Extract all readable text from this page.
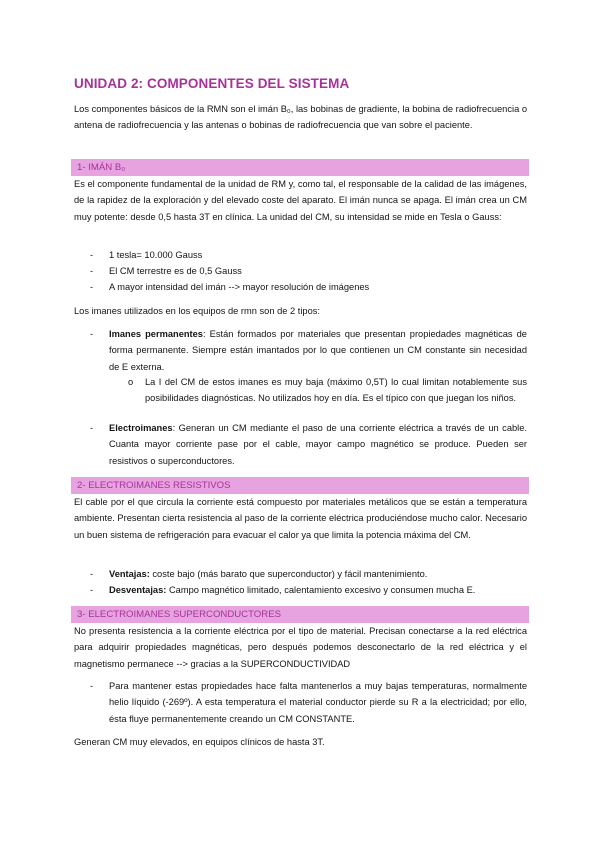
UNIDAD 2: COMPONENTES DEL SISTEMA
Los componentes básicos de la RMN son el imán B₀, las bobinas de gradiente, la bobina de radiofrecuencia o antena de radiofrecuencia y las antenas o bobinas de radiofrecuencia que van sobre el paciente.
1- IMÁN B₀
Es el componente fundamental de la unidad de RM y, como tal, el responsable de la calidad de las imágenes, de la rapidez de la exploración y del elevado coste del aparato. El imán nunca se apaga. El imán crea un CM muy potente: desde 0,5 hasta 3T en clínica. La unidad del CM, su intensidad se mide en Tesla o Gauss:
- 1 tesla= 10.000 Gauss
- El CM terrestre es de 0,5 Gauss
- A mayor intensidad del imán --> mayor resolución de imágenes
Los imanes utilizados en los equipos de rmn son de 2 tipos:
- Imanes permanentes: Están formados por materiales que presentan propiedades magnéticas de forma permanente. Siempre están imantados por lo que contienen un CM constante sin necesidad de E externa.
o La I del CM de estos imanes es muy baja (máximo 0,5T) lo cual limitan notablemente sus posibilidades diagnósticas. No utilizados hoy en día. Es el típico con que juegan los niños.
- Electroimanes: Generan un CM mediante el paso de una corriente eléctrica a través de un cable. Cuanta mayor corriente pase por el cable, mayor campo magnético se produce. Pueden ser resistivos o superconductores.
2- ELECTROIMANES RESISTIVOS
El cable por el que circula la corriente está compuesto por materiales metálicos que se están a temperatura ambiente. Presentan cierta resistencia al paso de la corriente eléctrica produciéndose mucho calor. Necesario un buen sistema de refrigeración para evacuar el calor ya que limita la potencia máxima del CM.
- Ventajas: coste bajo (más barato que superconductor) y fácil mantenimiento.
- Desventajas: Campo magnético limitado, calentamiento excesivo y consumen mucha E.
3- ELECTROIMANES SUPERCONDUCTORES
No presenta resistencia a la corriente eléctrica por el tipo de material. Precisan conectarse a la red eléctrica para adquirir propiedades magnéticas, pero después podemos desconectarlo de la red eléctrica y el magnetismo permanece --> gracias a la SUPERCONDUCTIVIDAD
- Para mantener estas propiedades hace falta mantenerlos a muy bajas temperaturas, normalmente helio líquido (-269º). A esta temperatura el material conductor pierde su R a la electricidad; por ello, ésta fluye permanentemente creando un CM CONSTANTE.
Generan CM muy elevados, en equipos clínicos de hasta 3T.
